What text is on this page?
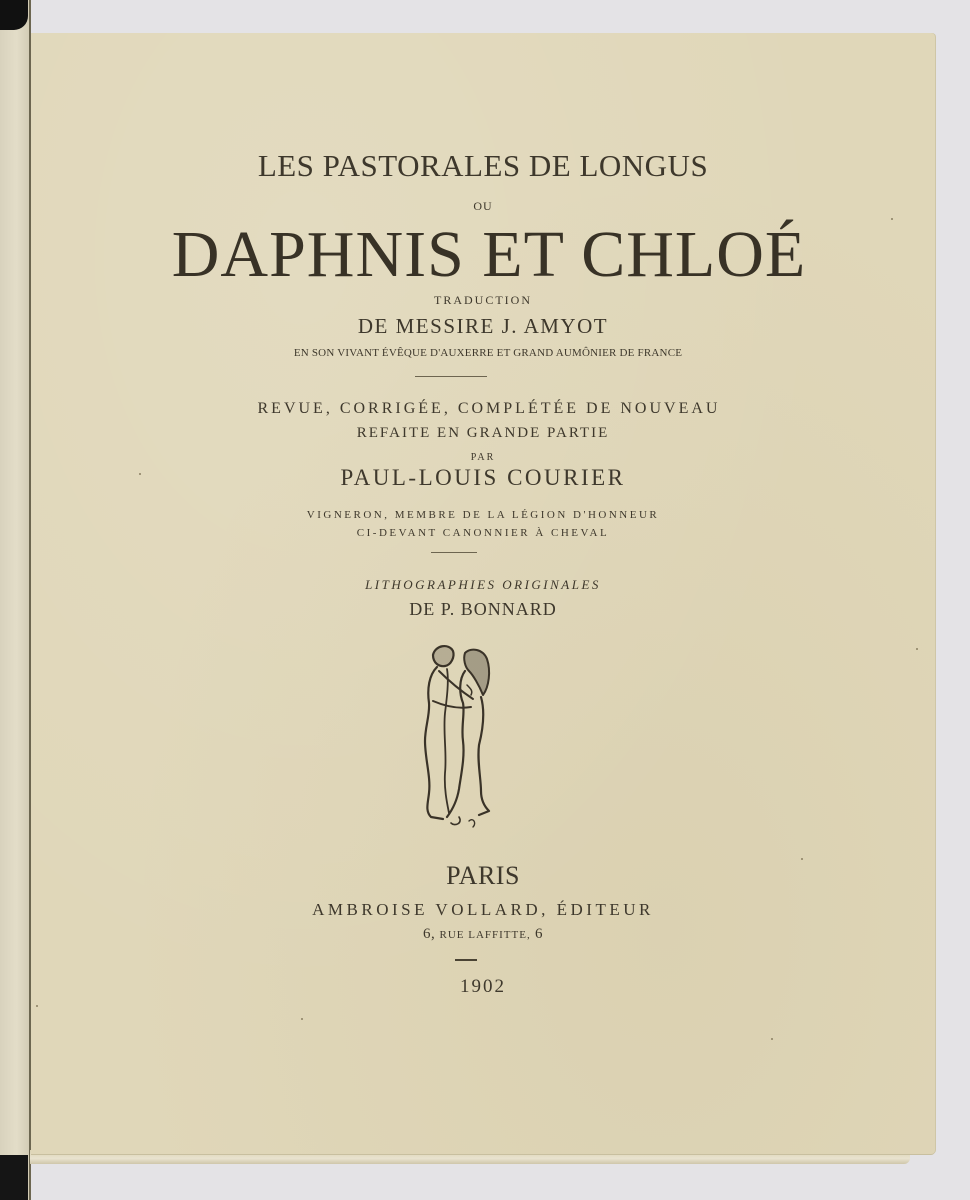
LES PASTORALES DE LONGUS
OU
DAPHNIS ET CHLOÉ
TRADUCTION
DE MESSIRE J. AMYOT
EN SON VIVANT ÉVÊQUE D'AUXERRE ET GRAND AUMÔNIER DE FRANCE
REVUE, CORRIGÉE, COMPLÉTÉE DE NOUVEAU
REFAITE EN GRANDE PARTIE
PAR
PAUL-LOUIS COURIER
VIGNERON, MEMBRE DE LA LÉGION D'HONNEUR
CI-DEVANT CANONNIER À CHEVAL
LITHOGRAPHIES ORIGINALES
DE P. BONNARD
PARIS
AMBROISE VOLLARD, ÉDITEUR
6, RUE LAFFITTE, 6
1902
